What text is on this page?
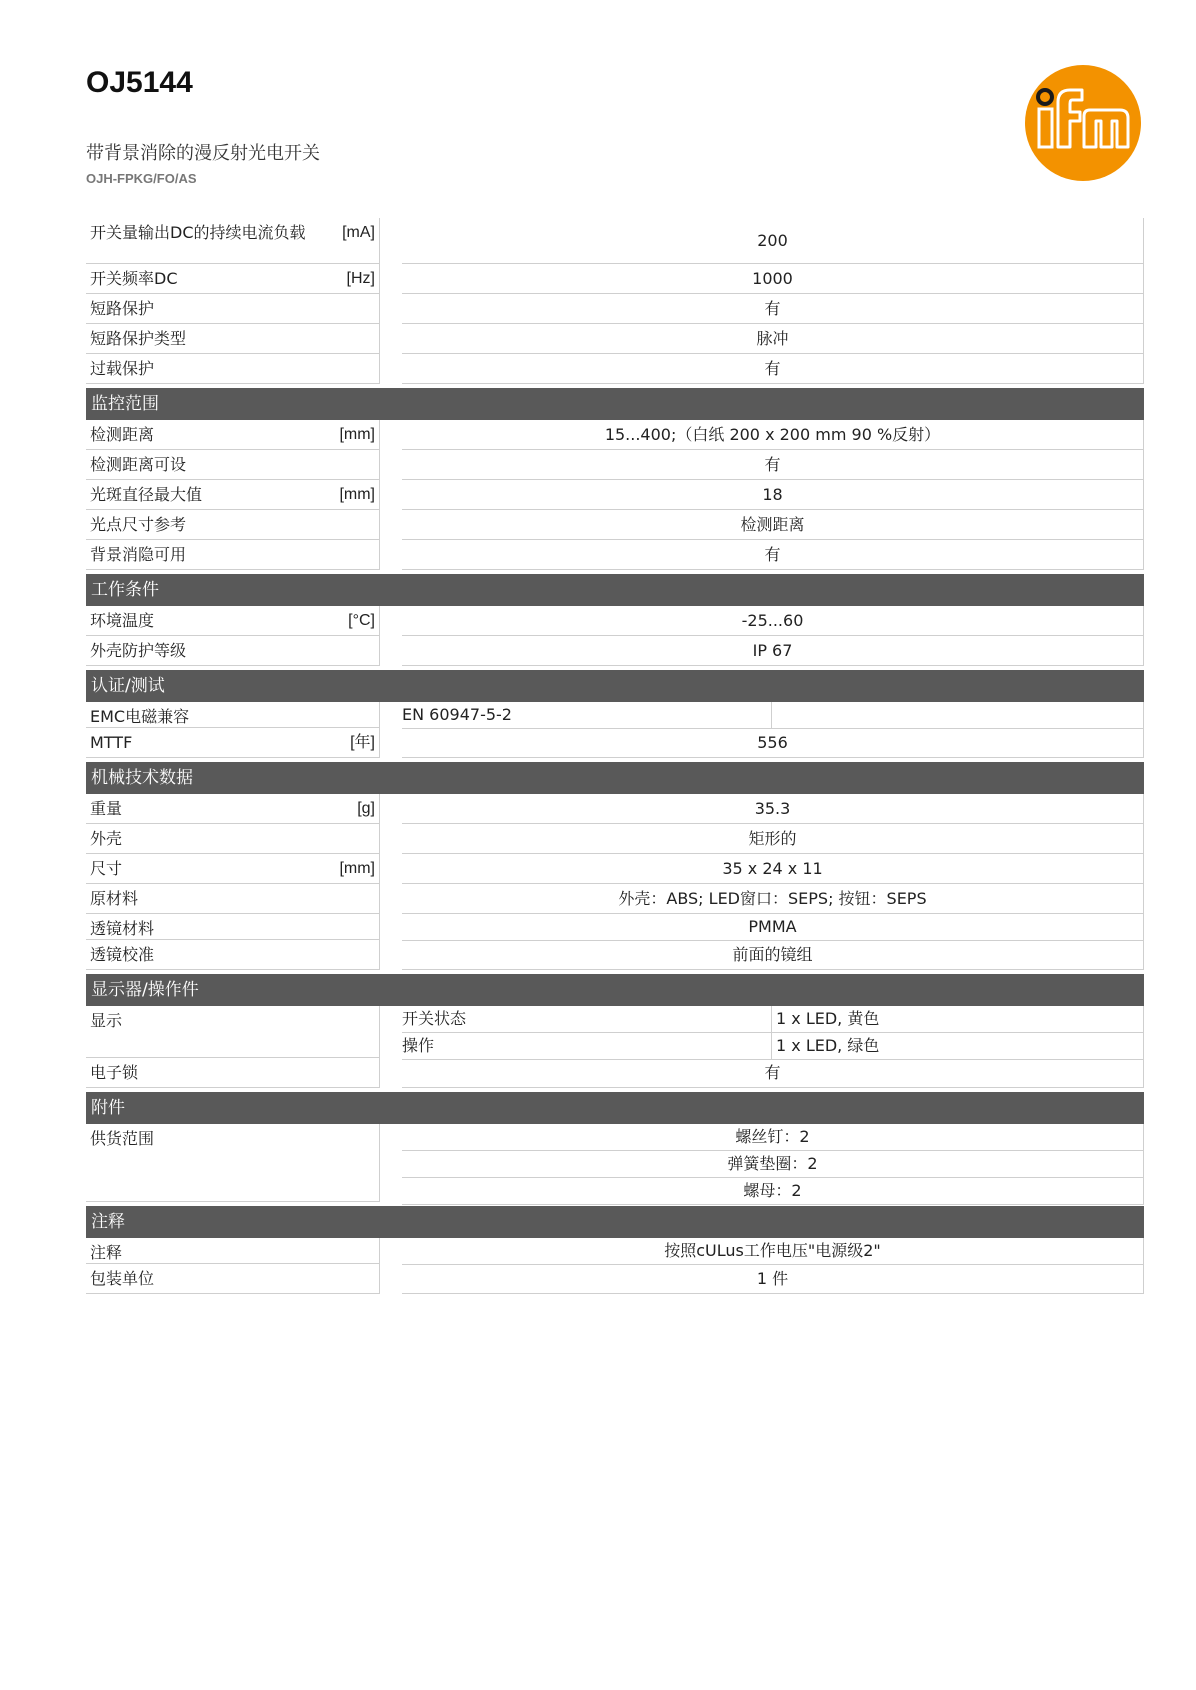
OJ5144
带背景消除的漫反射光电开关
OJH-FPKG/FO/AS
开关量输出DC的持续电流负载	[mA]	200
开关频率DC	[Hz]	1000
短路保护	有
短路保护类型	脉冲
过载保护	有
监控范围
检测距离	[mm]	15...400;（白纸 200 x 200 mm 90 %反射）
检测距离可设	有
光斑直径最大值	[mm]	18
光点尺寸参考	检测距离
背景消隐可用	有
工作条件
环境温度	[°C]	-25...60
外壳防护等级	IP 67
认证/测试
EMC电磁兼容	EN 60947-5-2
MTTF	[年]	556
机械技术数据
重量	[g]	35.3
外壳	矩形的
尺寸	[mm]	35 x 24 x 11
原材料	外壳：ABS; LED窗口：SEPS; 按钮：SEPS
透镜材料	PMMA
透镜校准	前面的镜组
显示器/操作件
显示	开关状态	1 x LED, 黄色
操作	1 x LED, 绿色
电子锁	有
附件
供货范围	螺丝钉：2
弹簧垫圈：2
螺母：2
注释
注释	按照cULus工作电压"电源级2"
包装单位	1 件
